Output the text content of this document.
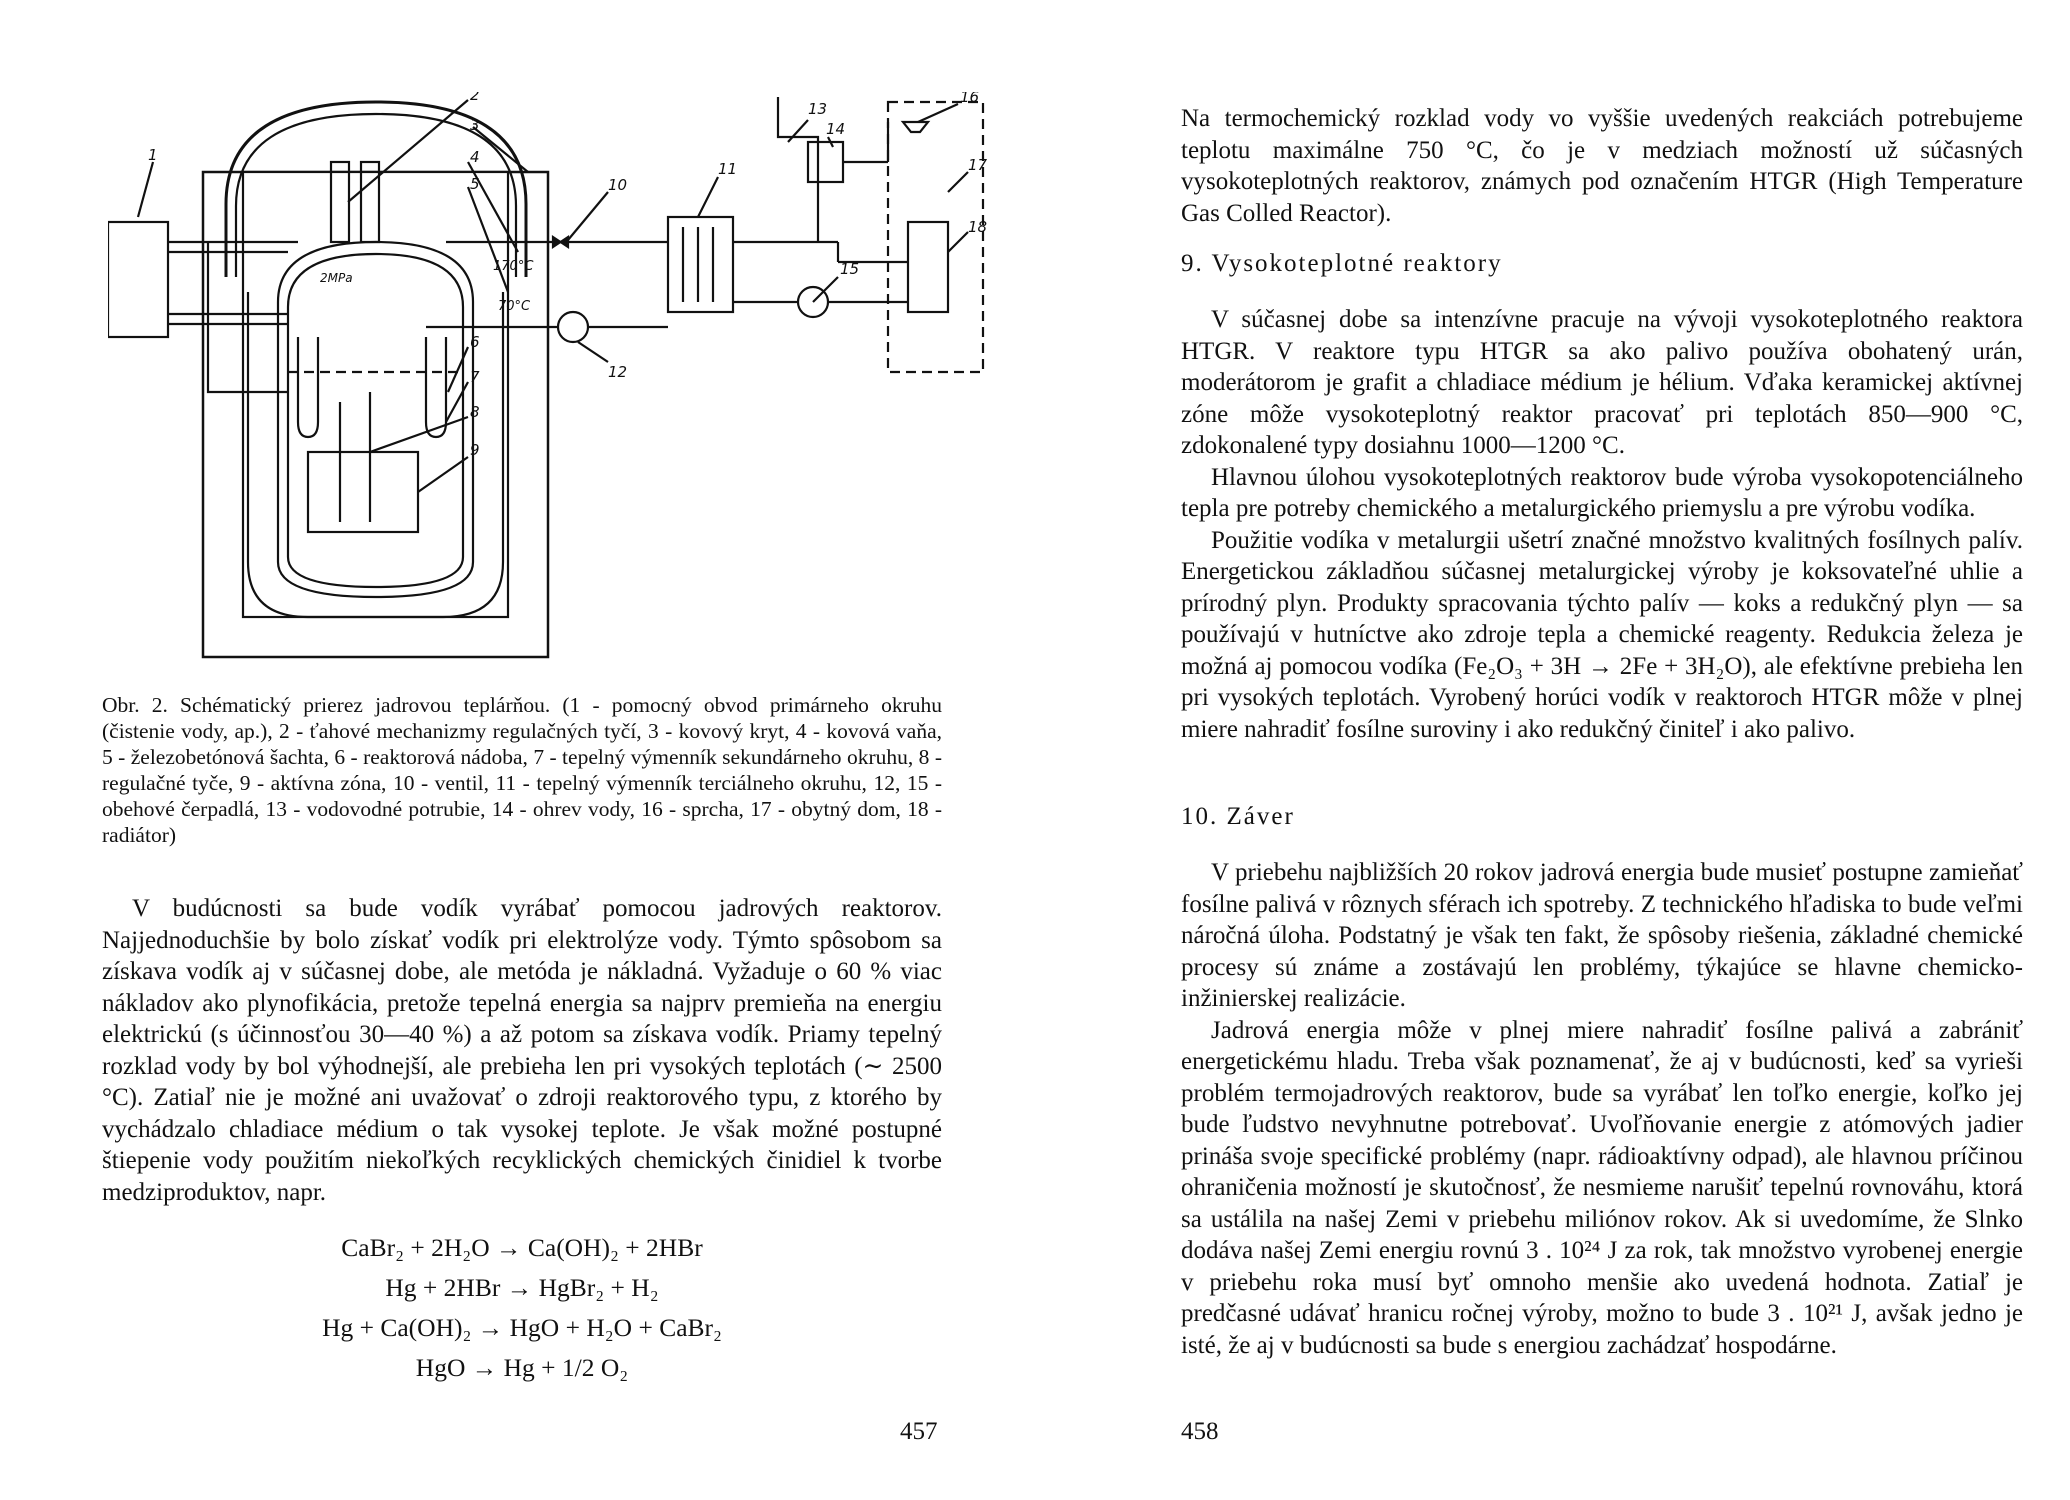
1
2
3
4
5
6
7
8
9
10
11
12
13
14
15
16
17
18
170°C
70°C
2MPa
Obr. 2. Schématický prierez jadrovou teplárňou. (1 - pomocný obvod primárneho okruhu (čistenie vody, ap.), 2 - ťahové mechanizmy regulačných tyčí, 3 - kovový kryt, 4 - kovová vaňa, 5 - železobetónová šachta, 6 - reaktorová nádoba, 7 - tepelný výmenník sekundárneho okruhu, 8 - regulačné tyče, 9 - aktívna zóna, 10 - ventil, 11 - tepelný výmenník terciálneho okruhu, 12, 15 - obehové čerpadlá, 13 - vodovodné potrubie, 14 - ohrev vody, 16 - sprcha, 17 - obytný dom, 18 - radiátor)

V budúcnosti sa bude vodík vyrábať pomocou jadrových reaktorov. Najjednoduchšie by bolo získať vodík pri elektrolýze vody. Týmto spôsobom sa získava vodík aj v súčasnej dobe, ale metóda je nákladná. Vyžaduje o 60 % viac nákladov ako plynofikácia, pretože tepelná energia sa najprv premieňa na energiu elektrickú (s účinnosťou 30—40 %) a až potom sa získava vodík. Priamy tepelný rozklad vody by bol výhodnejší, ale prebieha len pri vysokých teplotách (∼ 2500 °C). Zatiaľ nie je možné ani uvažovať o zdroji reaktorového typu, z ktorého by vychádzalo chladiace médium o tak vysokej teplote. Je však možné postupné štiepenie vody použitím niekoľkých recyklických chemických činidiel k tvorbe medziproduktov, napr.

CaBr₂ + 2H₂O → Ca(OH)₂ + 2HBr
Hg + 2HBr → HgBr₂ + H₂
Hg + Ca(OH)₂ → HgO + H₂O + CaBr₂
HgO → Hg + 1/2 O₂
457

Na termochemický rozklad vody vo vyššie uvedených reakciách potrebujeme teplotu maximálne 750 °C, čo je v medziach možností už súčasných vysokoteplotných reaktorov, známych pod označením HTGR (High Temperature Gas Colled Reactor).

9. Vysokoteplotné reaktory

V súčasnej dobe sa intenzívne pracuje na vývoji vysokoteplotného reaktora HTGR. V reaktore typu HTGR sa ako palivo používa obohatený urán, moderátorom je grafit a chladiace médium je hélium. Vďaka keramickej aktívnej zóne môže vysokoteplotný reaktor pracovať pri teplotách 850—900 °C, zdokonalené typy dosiahnu 1000—1200 °C.

Hlavnou úlohou vysokoteplotných reaktorov bude výroba vysokopotenciálneho tepla pre potreby chemického a metalurgického priemyslu a pre výrobu vodíka.

Použitie vodíka v metalurgii ušetrí značné množstvo kvalitných fosílnych palív. Energetickou základňou súčasnej metalurgickej výroby je koksovateľné uhlie a prírodný plyn. Produkty spracovania týchto palív — koks a redukčný plyn — sa používajú v hutníctve ako zdroje tepla a chemické reagenty. Redukcia železa je možná aj pomocou vodíka (Fe₂O₃ + 3H → 2Fe + 3H₂O), ale efektívne prebieha len pri vysokých teplotách. Vyrobený horúci vodík v reaktoroch HTGR môže v plnej miere nahradiť fosílne suroviny i ako redukčný činiteľ i ako palivo.

10. Záver

V priebehu najbližších 20 rokov jadrová energia bude musieť postupne zamieňať fosílne palivá v rôznych sférach ich spotreby. Z technického hľadiska to bude veľmi náročná úloha. Podstatný je však ten fakt, že spôsoby riešenia, základné chemické procesy sú známe a zostávajú len problémy, týkajúce se hlavne chemicko-inžinierskej realizácie.

Jadrová energia môže v plnej miere nahradiť fosílne palivá a zabrániť energetickému hladu. Treba však poznamenať, že aj v budúcnosti, keď sa vyrieši problém termojadrových reaktorov, bude sa vyrábať len toľko energie, koľko jej bude ľudstvo nevyhnutne potrebovať. Uvoľňovanie energie z atómových jadier prináša svoje specifické problémy (napr. rádioaktívny odpad), ale hlavnou príčinou ohraničenia možností je skutočnosť, že nesmieme narušiť tepelnú rovnováhu, ktorá sa ustálila na našej Zemi v priebehu miliónov rokov. Ak si uvedomíme, že Slnko dodáva našej Zemi energiu rovnú 3 . 10²⁴ J za rok, tak množstvo vyrobenej energie v priebehu roka musí byť omnoho menšie ako uvedená hodnota. Zatiaľ je predčasné udávať hranicu ročnej výroby, možno to bude 3 . 10²¹ J, avšak jedno je isté, že aj v budúcnosti sa bude s energiou zachádzať hospodárne.

458
